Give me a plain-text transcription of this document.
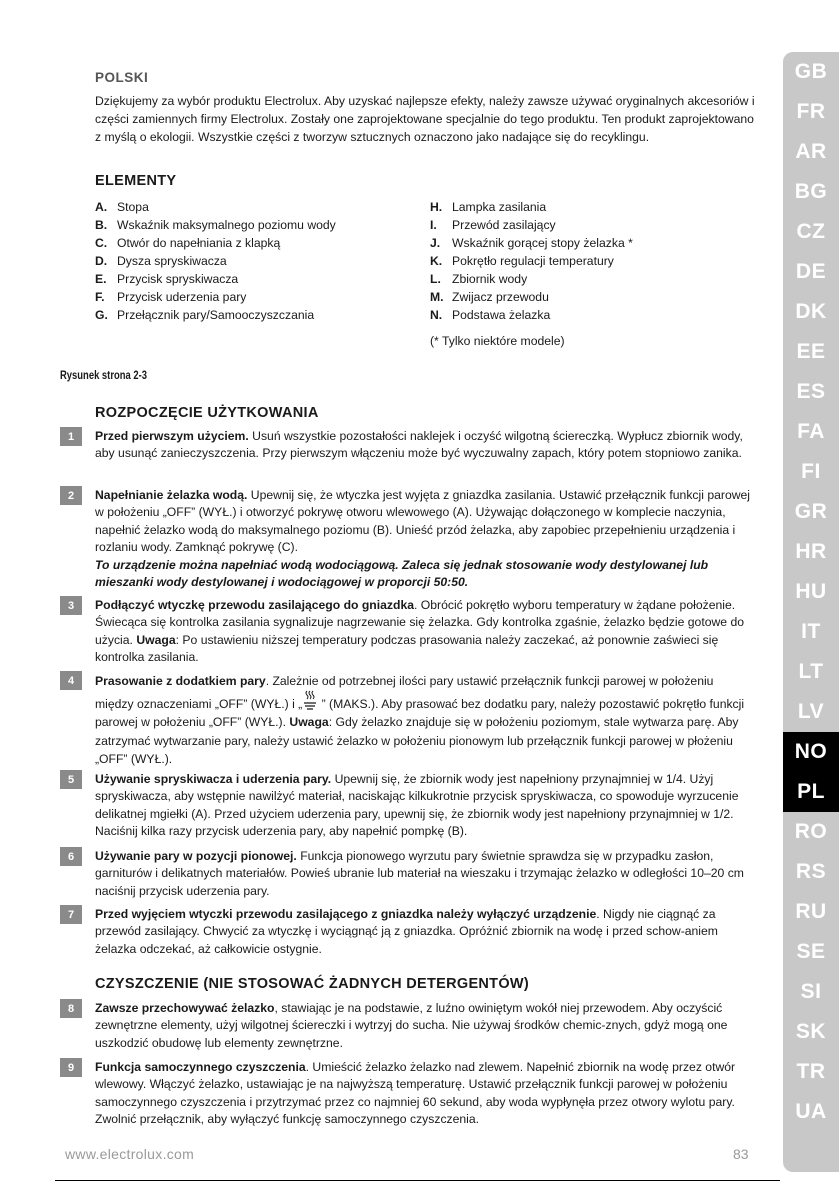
POLSKI
Dziękujemy za wybór produktu Electrolux. Aby uzyskać najlepsze efekty, należy zawsze używać oryginalnych akcesoriów i części zamiennych firmy Electrolux. Zostały one zaprojektowane specjalnie do tego produktu. Ten produkt zaprojektowano z myślą o ekologii. Wszystkie części z tworzyw sztucznych oznaczono jako nadające się do recyklingu.
ELEMENTY
A. Stopa
B. Wskaźnik maksymalnego poziomu wody
C. Otwór do napełniania z klapką
D. Dysza spryskiwacza
E. Przycisk spryskiwacza
F. Przycisk uderzenia pary
G. Przełącznik pary/Samooczyszczania
H. Lampka zasilania
I. Przewód zasilający
J. Wskaźnik gorącej stopy żelazka *
K. Pokrętło regulacji temperatury
L. Zbiornik wody
M. Zwijacz przewodu
N. Podstawa żelazka
(* Tylko niektóre modele)
Rysunek strona 2-3
ROZPOCZĘCIE UŻYTKOWANIA
1	Przed pierwszym użyciem. Usuń wszystkie pozostałości naklejek i oczyść wilgotną ściereczką. Wypłucz zbiornik wody, aby usunąć zanieczyszczenia. Przy pierwszym włączeniu może być wyczuwalny zapach, który potem stopniowo zanika.
2	Napełnianie żelazka wodą. Upewnij się, że wtyczka jest wyjęta z gniazdka zasilania. Ustawić przełącznik funkcji parowej w położeniu „OFF” (WYŁ.) i otworzyć pokrywę otworu wlewowego (A). Używając dołączonego w komplecie naczynia, napełnić żelazko wodą do maksymalnego poziomu (B). Unieść przód żelazka, aby zapobiec przepełnieniu urządzenia i rozlaniu wody. Zamknąć pokrywę (C).
To urządzenie można napełniać wodą wodociągową. Zaleca się jednak stosowanie wody destylowanej lub mieszanki wody destylowanej i wodociągowej w proporcji 50:50.
3	Podłączyć wtyczkę przewodu zasilającego do gniazdka. Obrócić pokrętło wyboru temperatury w żądane położenie. Świecąca się kontrolka zasilania sygnalizuje nagrzewanie się żelazka. Gdy kontrolka zgaśnie, żelazko będzie gotowe do użycia. Uwaga: Po ustawieniu niższej temperatury podczas prasowania należy zaczekać, aż ponownie zaświeci się kontrolka zasilania.
4	Prasowanie z dodatkiem pary. Zależnie od potrzebnej ilości pary ustawić przełącznik funkcji parowej w położeniu między oznaczeniami „OFF” (WYŁ.) i „ ” (MAKS.). Aby prasować bez dodatku pary, należy pozostawić pokrętło funkcji parowej w położeniu „OFF” (WYŁ.). Uwaga: Gdy żelazko znajduje się w położeniu poziomym, stale wytwarza parę. Aby zatrzymać wytwarzanie pary, należy ustawić żelazko w położeniu pionowym lub przełącznik funkcji parowej w płożeniu „OFF” (WYŁ.).
5	Używanie spryskiwacza i uderzenia pary. Upewnij się, że zbiornik wody jest napełniony przynajmniej w 1/4. Użyj spryskiwacza, aby wstępnie nawilżyć materiał, naciskając kilkukrotnie przycisk spryskiwacza, co spowoduje wyrzucenie delikatnej mgiełki (A). Przed użyciem uderzenia pary, upewnij się, że zbiornik wody jest napełniony przynajmniej w 1/2. Naciśnij kilka razy przycisk uderzenia pary, aby napełnić pompkę (B).
6	Używanie pary w pozycji pionowej. Funkcja pionowego wyrzutu pary świetnie sprawdza się w przypadku zasłon, garniturów i delikatnych materiałów. Powieś ubranie lub materiał na wieszaku i trzymając żelazko w odległości 10–20 cm naciśnij przycisk uderzenia pary.
7	Przed wyjęciem wtyczki przewodu zasilającego z gniazdka należy wyłączyć urządzenie. Nigdy nie ciągnąć za przewód zasilający. Chwycić za wtyczkę i wyciągnąć ją z gniazdka. Opróżnić zbiornik na wodę i przed schow-aniem żelazka odczekać, aż całkowicie ostygnie.
CZYSZCZENIE (NIE STOSOWAĆ ŻADNYCH DETERGENTÓW)
8	Zawsze przechowywać żelazko, stawiając je na podstawie, z luźno owiniętym wokół niej przewodem. Aby oczyścić zewnętrzne elementy, użyj wilgotnej ściereczki i wytrzyj do sucha. Nie używaj środków chemic-znych, gdyż mogą one uszkodzić obudowę lub elementy zewnętrzne.
9	Funkcja samoczynnego czyszczenia. Umieścić żelazko żelazko nad zlewem. Napełnić zbiornik na wodę przez otwór wlewowy. Włączyć żelazko, ustawiając je na najwyższą temperaturę. Ustawić przełącznik funkcji parowej w położeniu samoczynnego czyszczenia i przytrzymać przez co najmniej 60 sekund, aby woda wypłynęła przez otwory wylotu pary. Zwolnić przełącznik, aby wyłączyć funkcję samoczynnego czyszczenia.
GB
FR
AR
BG
CZ
DE
DK
EE
ES
FA
FI
GR
HR
HU
IT
LT
LV
NO
PL
RO
RS
RU
SE
SI
SK
TR
UA
www.electrolux.com	83
